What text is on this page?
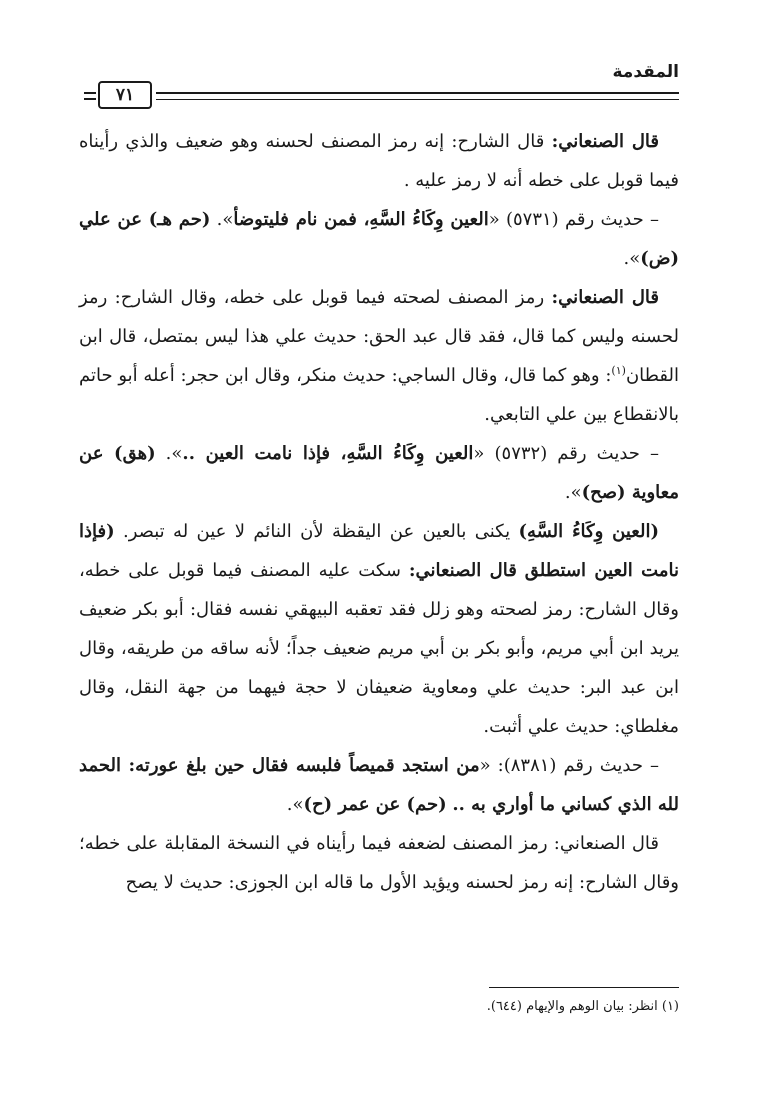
المقدمة
٧١

قال الصنعاني: قال الشارح: إنه رمز المصنف لحسنه وهو ضعيف والذي رأيناه فيما قوبل على خطه أنه لا رمز عليه .

– حديث رقم (٥٧٣١) «العين وِكَاءُ السَّهِ، فمن نام فليتوضأ». (حم هـ) عن علي (ض)».

قال الصنعاني: رمز المصنف لصحته فيما قوبل على خطه، وقال الشارح: رمز لحسنه وليس كما قال، فقد قال عبد الحق: حديث علي هذا ليس بمتصل، قال ابن القطان$^{(١)}$: وهو كما قال، وقال الساجي: حديث منكر، وقال ابن حجر: أعله أبو حاتم بالانقطاع بين علي التابعي.

– حديث رقم (٥٧٣٢) «العين وِكَاءُ السَّهِ، فإذا نامت العين ..». (هق) عن معاوية (صح)».

(العين وِكَاءُ السَّهِ) يكنى بالعين عن اليقظة لأن النائم لا عين له تبصر. (فإذا نامت العين استطلق قال الصنعاني: سكت عليه المصنف فيما قوبل على خطه، وقال الشارح: رمز لصحته وهو زلل فقد تعقبه البيهقي نفسه فقال: أبو بكر ضعيف يريد ابن أبي مريم، وأبو بكر بن أبي مريم ضعيف جداً؛ لأنه ساقه من طريقه، وقال ابن عبد البر: حديث علي ومعاوية ضعيفان لا حجة فيهما من جهة النقل، وقال مغلطاي: حديث علي أثبت.

– حديث رقم (٨٣٨١): «من استجد قميصاً فلبسه فقال حين بلغ عورته: الحمد لله الذي كساني ما أواري به .. (حم) عن عمر (ح)».

قال الصنعاني: رمز المصنف لضعفه فيما رأيناه في النسخة المقابلة على خطه؛ وقال الشارح: إنه رمز لحسنه ويؤيد الأول ما قاله ابن الجوزى: حديث لا يصح

(١) انظر: بيان الوهم والإيهام (٦٤٤).
